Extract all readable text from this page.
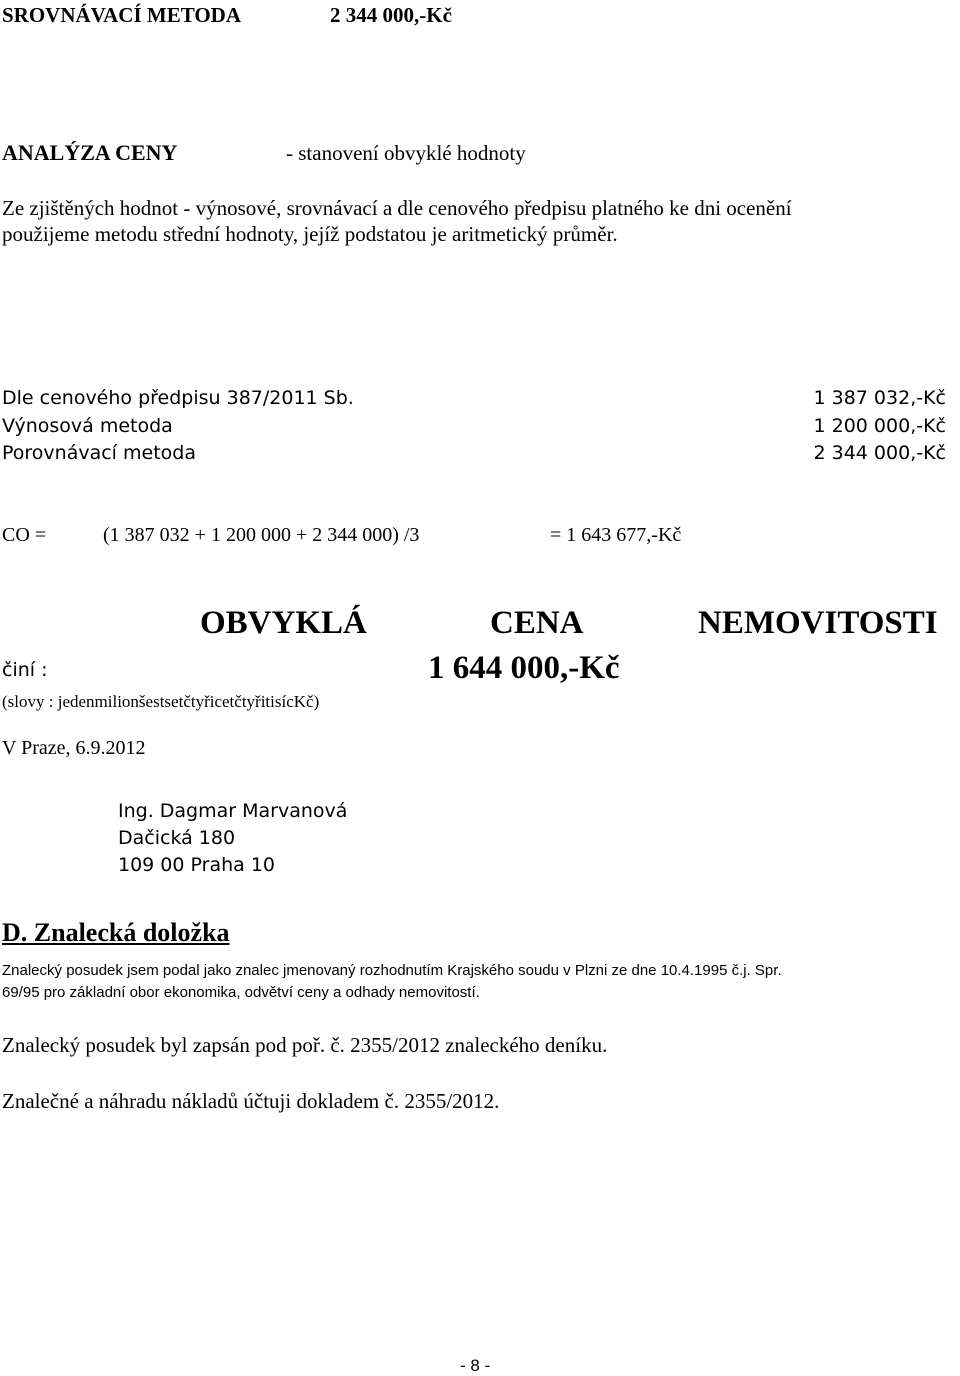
SROVNÁVACÍ METODA	2 344 000,-Kč
ANALÝZA CENY	- stanovení obvyklé hodnoty
Ze zjištěných hodnot - výnosové, srovnávací a dle cenového předpisu platného ke dni ocenění
použijeme metodu střední hodnoty, jejíž podstatou je aritmetický průměr.
Dle cenového předpisu 387/2011 Sb.	1 387 032,-Kč
Výnosová metoda	1 200 000,-Kč
Porovnávací metoda	2 344 000,-Kč
CO =	(1 387 032 + 1 200 000 + 2 344 000) /3	= 1 643 677,-Kč
OBVYKLÁ	CENA	NEMOVITOSTI
činí :	1 644 000,-Kč
(slovy : jedenmilionšestsetčtyřicetčtyřitisícKč)
V Praze, 6.9.2012
Ing. Dagmar Marvanová
Dačická 180
109 00 Praha 10
D. Znalecká doložka
Znalecký posudek jsem podal jako znalec jmenovaný rozhodnutím Krajského soudu v Plzni ze dne 10.4.1995 č.j. Spr.
69/95 pro základní obor ekonomika, odvětví ceny a odhady nemovitostí.
Znalecký posudek byl zapsán pod poř. č. 2355/2012 znaleckého deníku.
Znalečné a náhradu nákladů účtuji dokladem č. 2355/2012.
- 8 -
